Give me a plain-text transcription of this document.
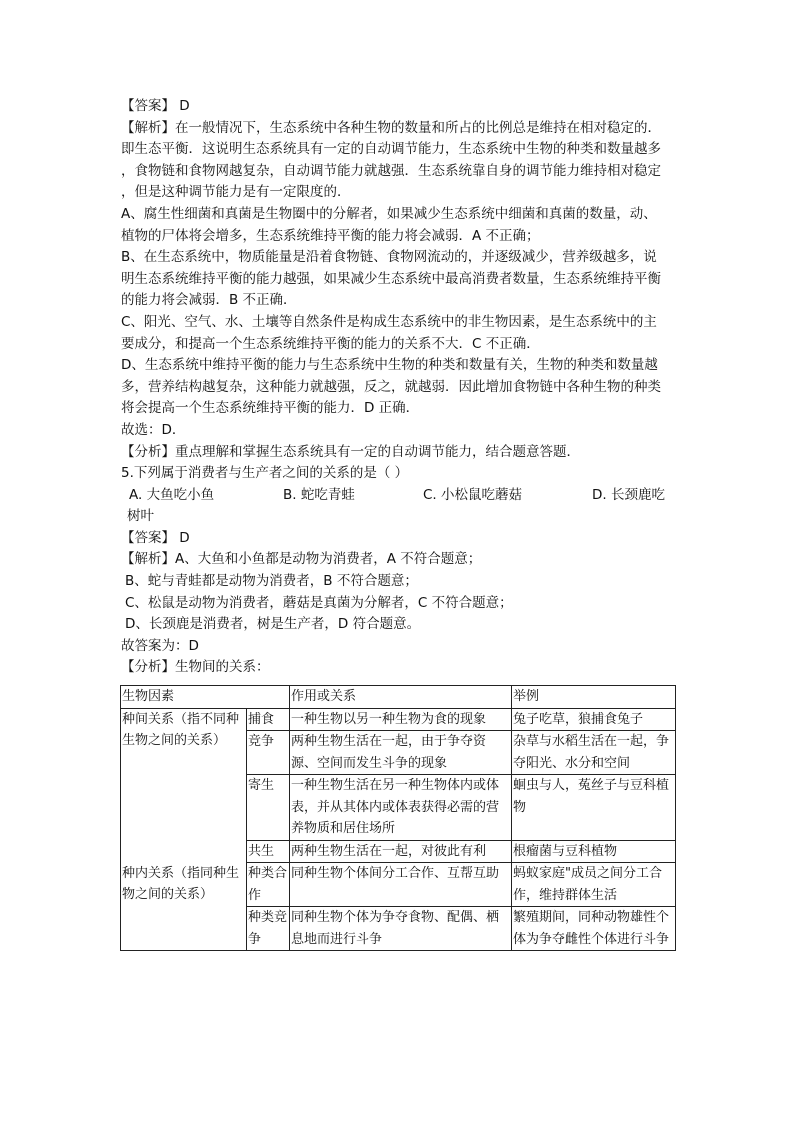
【答案】 D
【解析】在一般情况下，生态系统中各种生物的数量和所占的比例总是维持在相对稳定的．
即生态平衡．这说明生态系统具有一定的自动调节能力，生态系统中生物的种类和数量越多
，食物链和食物网越复杂，自动调节能力就越强．生态系统靠自身的调节能力维持相对稳定
，但是这种调节能力是有一定限度的．
A、腐生性细菌和真菌是生物圈中的分解者，如果减少生态系统中细菌和真菌的数量，动、
植物的尸体将会增多，生态系统维持平衡的能力将会减弱．A 不正确；
B、在生态系统中，物质能量是沿着食物链、食物网流动的，并逐级减少，营养级越多，说
明生态系统维持平衡的能力越强，如果减少生态系统中最高消费者数量，生态系统维持平衡
的能力将会减弱．B 不正确．
C、阳光、空气、水、土壤等自然条件是构成生态系统中的非生物因素，是生态系统中的主
要成分，和提高一个生态系统维持平衡的能力的关系不大．C 不正确．
D、生态系统中维持平衡的能力与生态系统中生物的种类和数量有关，生物的种类和数量越
多，营养结构越复杂，这种能力就越强，反之，就越弱．因此增加食物链中各种生物的种类
将会提高一个生态系统维持平衡的能力．D 正确．
故选：D．
【分析】重点理解和掌握生态系统具有一定的自动调节能力，结合题意答题．
5.下列属于消费者与生产者之间的关系的是（ ）
A. 大鱼吃小鱼	B. 蛇吃青蛙	C. 小松鼠吃蘑菇	D. 长颈鹿吃
树叶
【答案】 D
【解析】A、大鱼和小鱼都是动物为消费者，A 不符合题意；
B、蛇与青蛙都是动物为消费者，B 不符合题意；
C、松鼠是动物为消费者，蘑菇是真菌为分解者，C 不符合题意；
D、长颈鹿是消费者，树是生产者，D 符合题意。
故答案为：D
【分析】生物间的关系：
生物因素		作用或关系	举例
种间关系（指不同种生物之间的关系）	捕食	一种生物以另一种生物为食的现象	兔子吃草，狼捕食兔子
	竞争	两种生物生活在一起，由于争夺资源、空间而发生斗争的现象	杂草与水稻生活在一起，争夺阳光、水分和空间
	寄生	一种生物生活在另一种生物体内或体表，并从其体内或体表获得必需的营养物质和居住场所	蛔虫与人，菟丝子与豆科植物
	共生	两种生物生活在一起，对彼此有利	根瘤菌与豆科植物
种内关系（指同种生物之间的关系）	种类合作	同种生物个体间分工合作、互帮互助	蚂蚁家庭"成员之间分工合作，维持群体生活
	种类竞争	同种生物个体为争夺食物、配偶、栖息地而进行斗争	繁殖期间，同种动物雄性个体为争夺雌性个体进行斗争
